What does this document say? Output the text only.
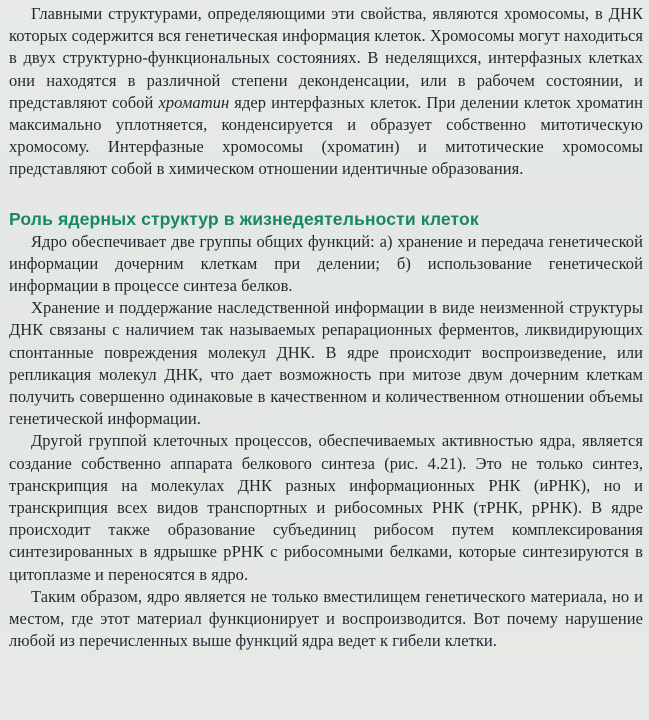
Главными структурами, определяющими эти свойства, являются хромосомы, в ДНК которых содержится вся генетическая информация клеток. Хромосомы могут находиться в двух структурно-функциональных состояниях. В неделящихся, интерфазных клетках они находятся в различной степени деконденсации, или в рабочем состоянии, и представляют собой хроматин ядер интерфазных клеток. При делении клеток хроматин максимально уплотняется, конденсируется и образует собственно митотическую хромосому. Интерфазные хромосомы (хроматин) и митотические хромосомы представляют собой в химическом отношении идентичные образования.

Роль ядерных структур в жизнедеятельности клеток

Ядро обеспечивает две группы общих функций: а) хранение и передача генетической информации дочерним клеткам при делении; б) использование генетической информации в процессе синтеза белков.

Хранение и поддержание наследственной информации в виде неизменной структуры ДНК связаны с наличием так называемых репарационных ферментов, ликвидирующих спонтанные повреждения молекул ДНК. В ядре происходит воспроизведение, или репликация молекул ДНК, что дает возможность при митозе двум дочерним клеткам получить совершенно одинаковые в качественном и количественном отношении объемы генетической информации.

Другой группой клеточных процессов, обеспечиваемых активностью ядра, является создание собственно аппарата белкового синтеза (рис. 4.21). Это не только синтез, транскрипция на молекулах ДНК разных информационных РНК (иРНК), но и транскрипция всех видов транспортных и рибосомных РНК (тРНК, рРНК). В ядре происходит также образование субъединиц рибосом путем комплексирования синтезированных в ядрышке рРНК с рибосомными белками, которые синтезируются в цитоплазме и переносятся в ядро.

Таким образом, ядро является не только вместилищем генетического материала, но и местом, где этот материал функционирует и воспроизводится. Вот почему нарушение любой из перечисленных выше функций ядра ведет к гибели клетки.
